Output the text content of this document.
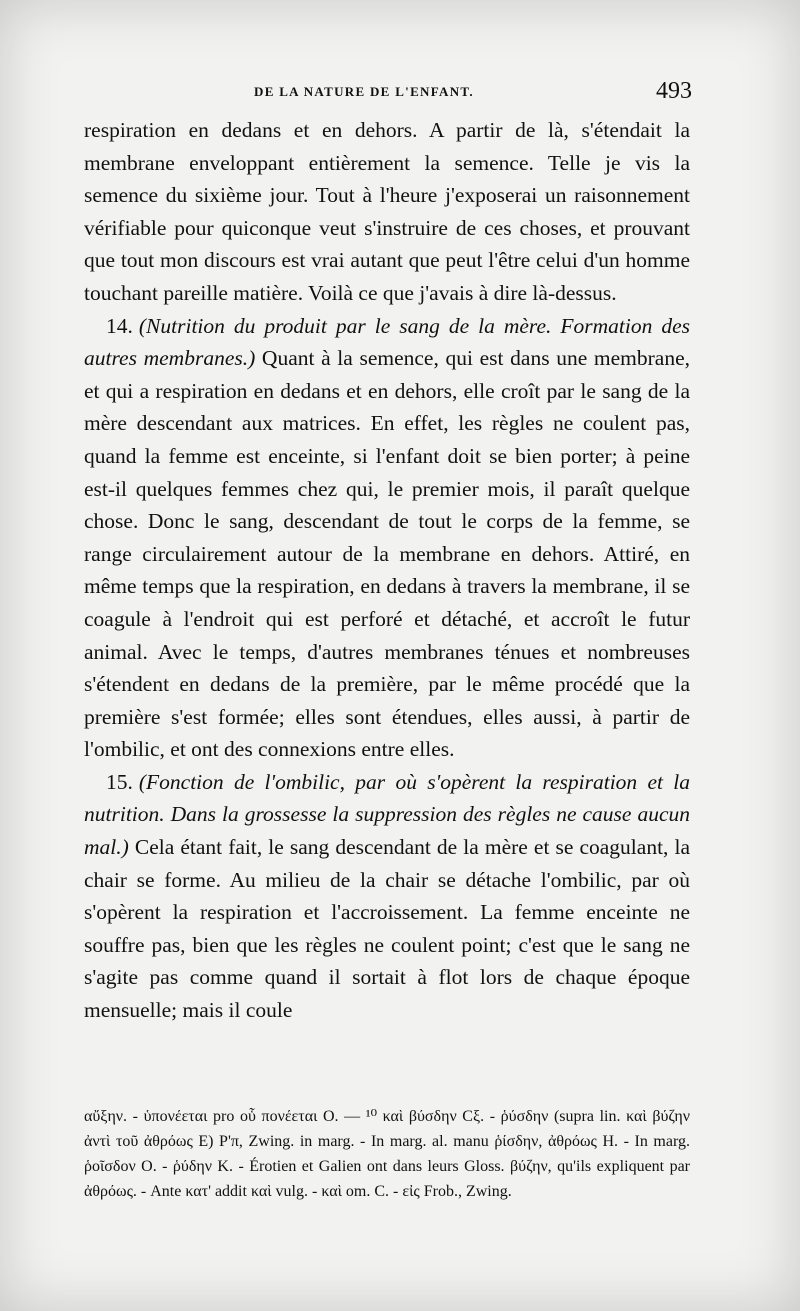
DE LA NATURE DE L'ENFANT.	493

respiration en dedans et en dehors. A partir de là, s'étendait la membrane enveloppant entièrement la semence. Telle je vis la semence du sixième jour. Tout à l'heure j'exposerai un raisonnement vérifiable pour quiconque veut s'instruire de ces choses, et prouvant que tout mon discours est vrai autant que peut l'être celui d'un homme touchant pareille matière. Voilà ce que j'avais à dire là-dessus.

14. (Nutrition du produit par le sang de la mère. Formation des autres membranes.) Quant à la semence, qui est dans une membrane, et qui a respiration en dedans et en dehors, elle croît par le sang de la mère descendant aux matrices. En effet, les règles ne coulent pas, quand la femme est enceinte, si l'enfant doit se bien porter; à peine est-il quelques femmes chez qui, le premier mois, il paraît quelque chose. Donc le sang, descendant de tout le corps de la femme, se range circulairement autour de la membrane en dehors. Attiré, en même temps que la respiration, en dedans à travers la membrane, il se coagule à l'endroit qui est perforé et détaché, et accroît le futur animal. Avec le temps, d'autres membranes ténues et nombreuses s'étendent en dedans de la première, par le même procédé que la première s'est formée; elles sont étendues, elles aussi, à partir de l'ombilic, et ont des connexions entre elles.

15. (Fonction de l'ombilic, par où s'opèrent la respiration et la nutrition. Dans la grossesse la suppression des règles ne cause aucun mal.) Cela étant fait, le sang descendant de la mère et se coagulant, la chair se forme. Au milieu de la chair se détache l'ombilic, par où s'opèrent la respiration et l'accroissement. La femme enceinte ne souffre pas, bien que les règles ne coulent point; c'est que le sang ne s'agite pas comme quand il sortait à flot lors de chaque époque mensuelle; mais il coule

αὔξην. - ὑπονέεται pro οὗ πονέεται O. — ¹⁰ καὶ βύσδην Cξ. - ῥύσδην (supra lin. καὶ βύζην ἀντὶ τοῦ ἀθρόως E) P'π, Zwing. in marg. - In marg. al. manu ῥίσδην, ἀθρόως H. - In marg. ῥοῖσδον O. - ῥύδην K. - Érotien et Galien ont dans leurs Gloss. βύζην, qu'ils expliquent par ἀθρόως. - Ante κατ' addit καὶ vulg. - καὶ om. C. - εἰς Frob., Zwing.
